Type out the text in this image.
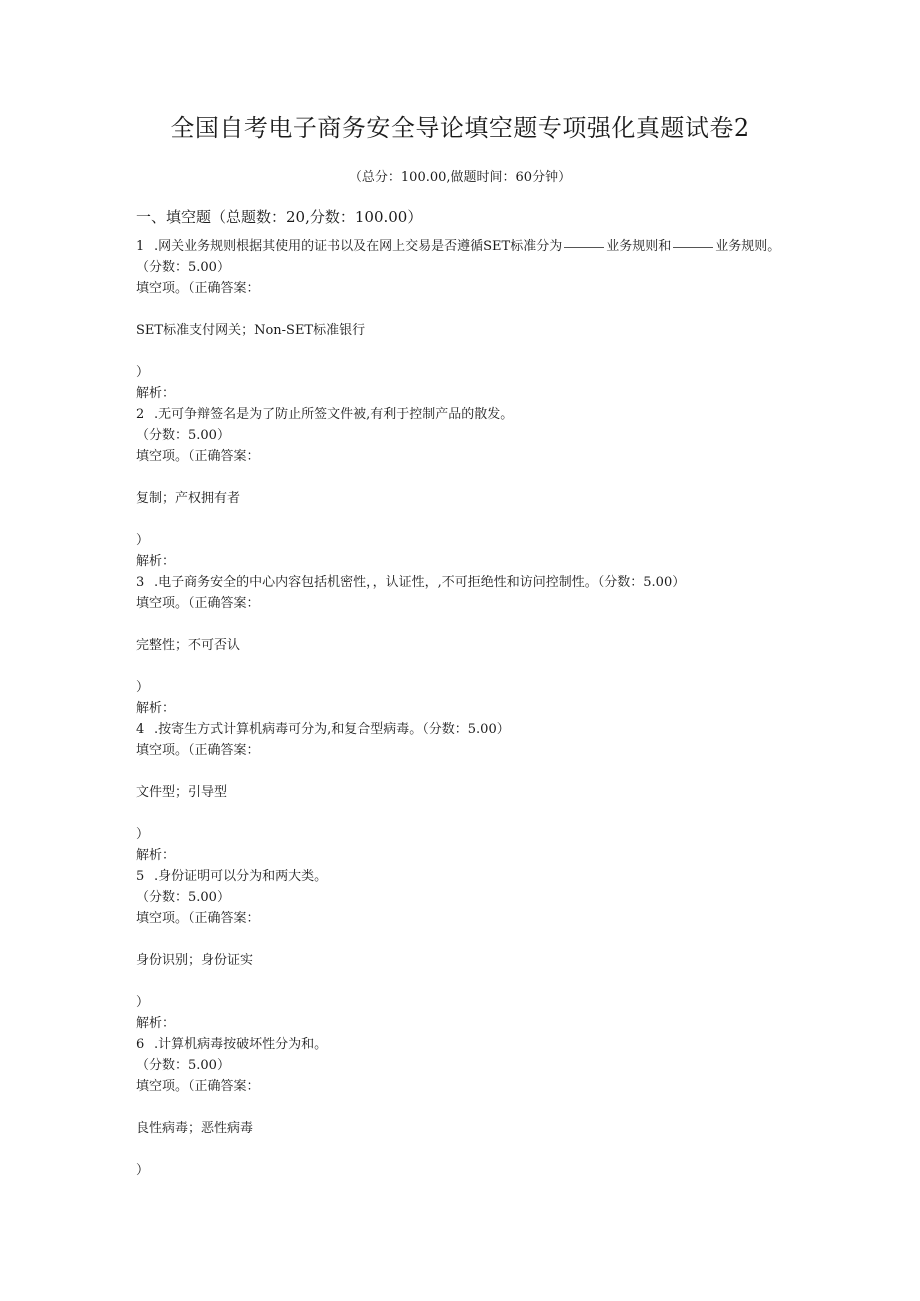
全国自考电子商务安全导论填空题专项强化真题试卷2
（总分：100.00,做题时间：60分钟）
一、填空题（总题数：20,分数：100.00）
1 .网关业务规则根据其使用的证书以及在网上交易是否遵循SET标准分为	业务规则和	业务规则。
（分数：5.00）
填空项。（正确答案：
SET标准支付网关；Non-SET标准银行
）
解析：
2 .无可争辩签名是为了防止所签文件被,有利于控制产品的散发。
（分数：5.00）
填空项。（正确答案：
复制；产权拥有者
）
解析：
3 .电子商务安全的中心内容包括机密性，，认证性，,不可拒绝性和访问控制性。（分数：5.00）
填空项。（正确答案：
完整性；不可否认
）
解析：
4 .按寄生方式计算机病毒可分为,和复合型病毒。（分数：5.00）
填空项。（正确答案：
文件型；引导型
）
解析：
5 .身份证明可以分为和两大类。
（分数：5.00）
填空项。（正确答案：
身份识别；身份证实
）
解析：
6 .计算机病毒按破坏性分为和。
（分数：5.00）
填空项。（正确答案：
良性病毒；恶性病毒
）
